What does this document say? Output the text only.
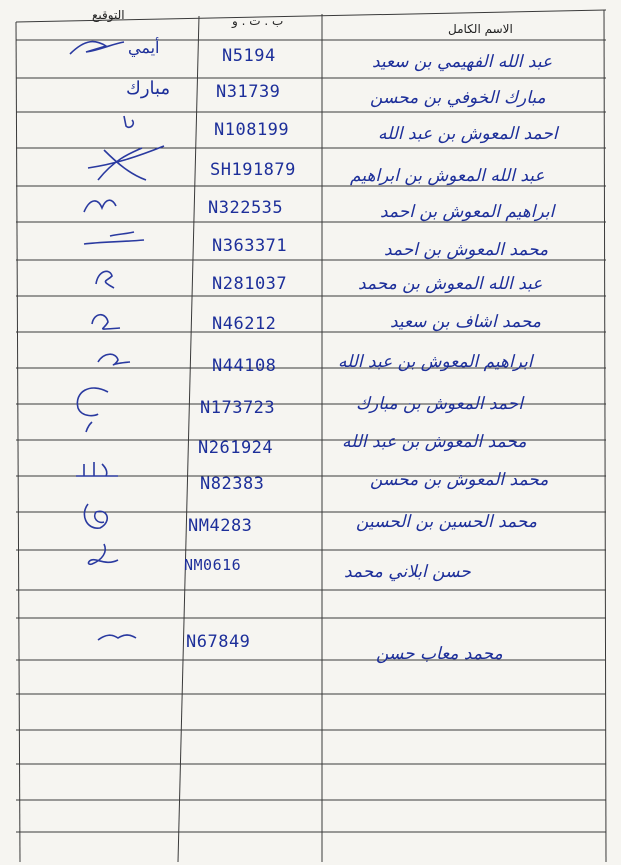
التوقيع	ب . ت . و
الاسم الكامل
عبد الله الفهيمي بن سعيد
N5194
أيمي
مبارك الخوفي بن محسن
N31739
مبارك
احمد المعوش بن عبد الله
N108199
عبد الله المعوش بن ابراهيم
SH191879
ابراهيم المعوش بن احمد
N322535
محمد المعوش بن احمد
N363371
عبد الله المعوش بن محمد
N281037
محمد اشاف بن سعيد
N46212
ابراهيم المعوش بن عبد الله
N44108
احمد المعوش بن مبارك
N173723
محمد المعوش بن عبد الله
N261924
محمد المعوش بن محسن
N82383
محمد الحسين بن الحسين
NM4283
حسن ابلاني محمد
NM0616
محمد معاب حسن
N67849
